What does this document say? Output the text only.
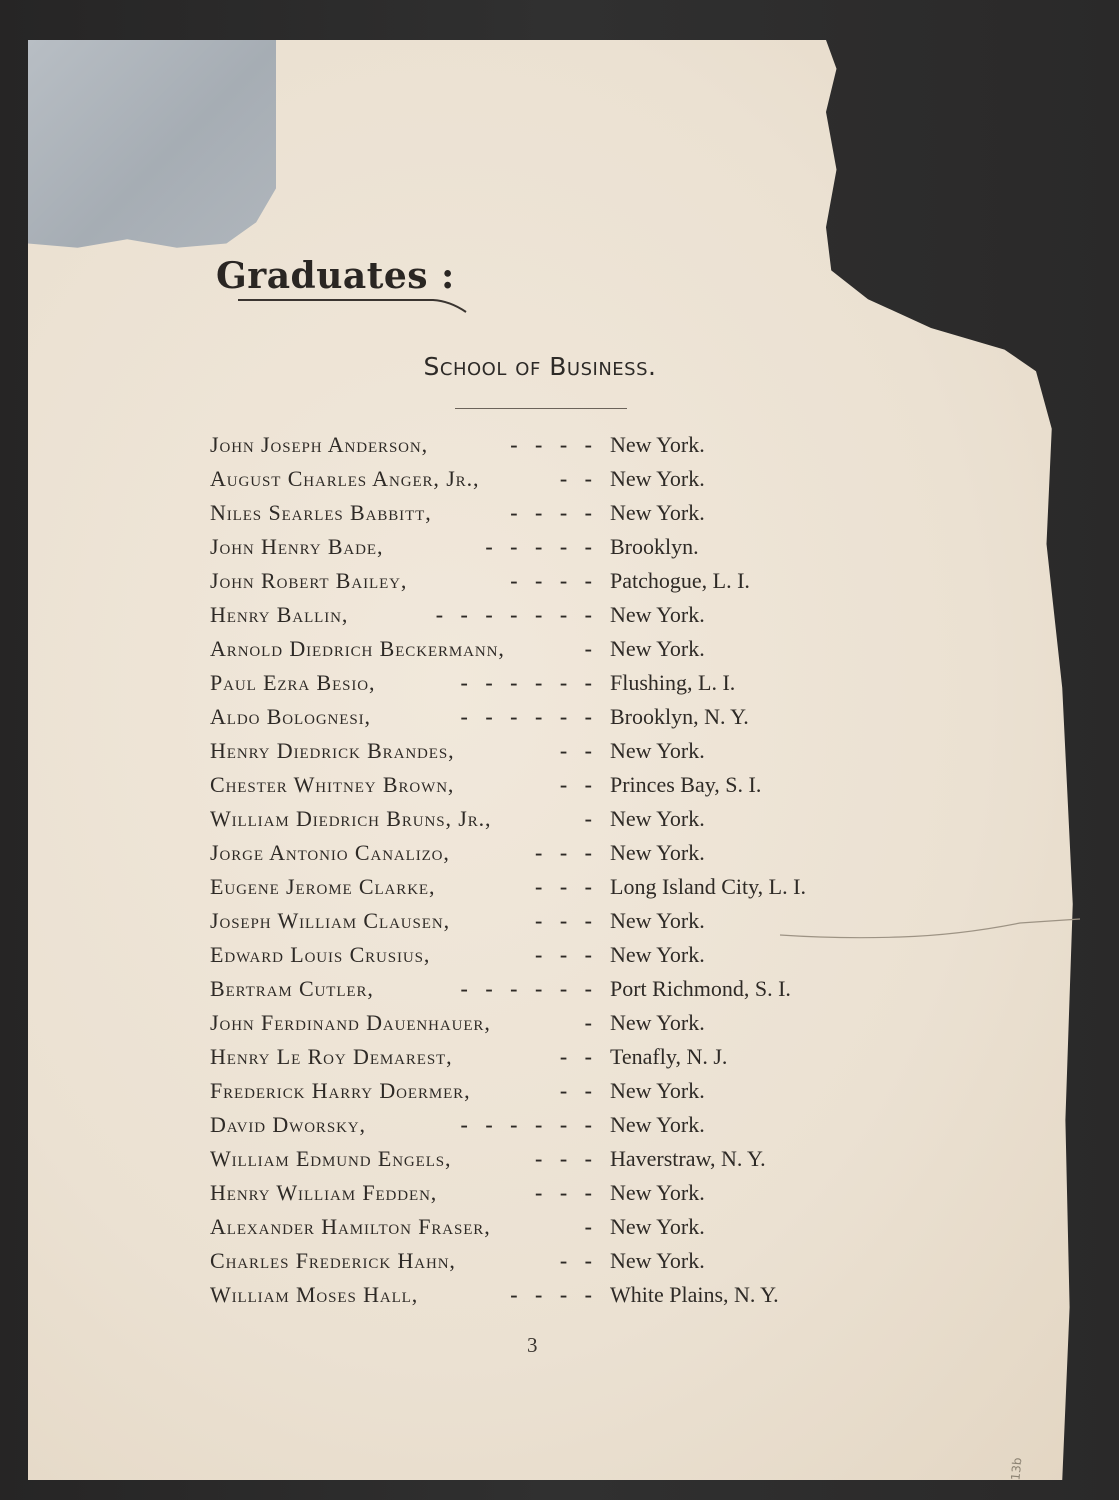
Graduates :
School of Business.
John Joseph Anderson,	- - - - New York.
August Charles Anger, Jr.,	- - New York.
Niles Searles Babbitt,	- - - - New York.
John Henry Bade,	- - - - - Brooklyn.
John Robert Bailey,	- - - - Patchogue, L. I.
Henry Ballin,	- - - - - - - New York.
Arnold Diedrich Beckermann,	- New York.
Paul Ezra Besio,	- - - - - - Flushing, L. I.
Aldo Bolognesi,	- - - - - - Brooklyn, N. Y.
Henry Diedrick Brandes,	- - New York.
Chester Whitney Brown,	- - Princes Bay, S. I.
William Diedrich Bruns, Jr.,	- New York.
Jorge Antonio Canalizo,	- - - New York.
Eugene Jerome Clarke,	- - - Long Island City, L. I.
Joseph William Clausen,	- - - New York.
Edward Louis Crusius,	- - - New York.
Bertram Cutler,	- - - - - - Port Richmond, S. I.
John Ferdinand Dauenhauer,	- New York.
Henry Le Roy Demarest,	- - Tenafly, N. J.
Frederick Harry Doermer,	- - New York.
David Dworsky,	- - - - - - New York.
William Edmund Engels,	- - - Haverstraw, N. Y.
Henry William Fedden,	- - - New York.
Alexander Hamilton Fraser,	- New York.
Charles Frederick Hahn,	- - New York.
William Moses Hall,	- - - - White Plains, N. Y.

3

13b
